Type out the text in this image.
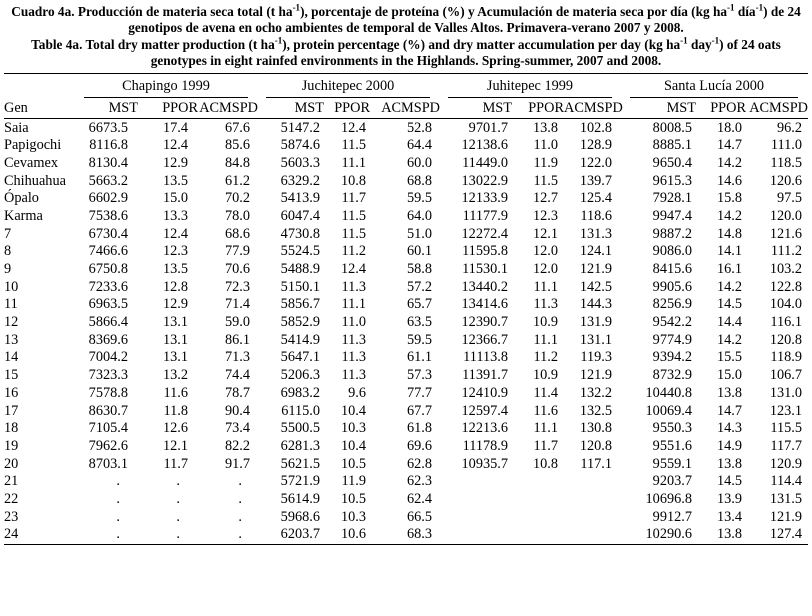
Cuadro 4a. Producción de materia seca total (t $ha^{-1}$), porcentaje de proteína (%) y Acumulación de materia seca por día (kg $ha^{-1}$ día$^{-1}$) de 24 genotipos de avena en ocho ambientes de temporal de Valles Altos. Primavera-verano 2007 y 2008.

Table 4a. Total dry matter production (t $ha^{-1}$), protein percentage (%) and dry matter accumulation per day (kg $ha^{-1}$ day$^{-1}$) of 24 oats genotypes in eight rainfed environments in the Highlands. Spring-summer, 2007 and 2008.

	Chapingo 1999			Juchitepec 2000			Juhitepec 1999			Santa Lucía 2000		

Gen	MST	PPOR	ACMSPD	MST	PPOR	ACMSPD	MST	PPOR	ACMSPD	MST	PPOR	ACMSPD
Saia	6673.5	17.4	67.6	5147.2	12.4	52.8	9701.7	13.8	102.8	8008.5	18.0	96.2
Papigochi	8116.8	12.4	85.6	5874.6	11.5	64.4	12138.6	11.0	128.9	8885.1	14.7	111.0
Cevamex	8130.4	12.9	84.8	5603.3	11.1	60.0	11449.0	11.9	122.0	9650.4	14.2	118.5
Chihuahua	5663.2	13.5	61.2	6329.2	10.8	68.8	13022.9	11.5	139.7	9615.3	14.6	120.6
Ópalo	6602.9	15.0	70.2	5413.9	11.7	59.5	12133.9	12.7	125.4	7928.1	15.8	97.5
Karma	7538.6	13.3	78.0	6047.4	11.5	64.0	11177.9	12.3	118.6	9947.4	14.2	120.0
7	6730.4	12.4	68.6	4730.8	11.5	51.0	12272.4	12.1	131.3	9887.2	14.8	121.6
8	7466.6	12.3	77.9	5524.5	11.2	60.1	11595.8	12.0	124.1	9086.0	14.1	111.2
9	6750.8	13.5	70.6	5488.9	12.4	58.8	11530.1	12.0	121.9	8415.6	16.1	103.2
10	7233.6	12.8	72.3	5150.1	11.3	57.2	13440.2	11.1	142.5	9905.6	14.2	122.8
11	6963.5	12.9	71.4	5856.7	11.1	65.7	13414.6	11.3	144.3	8256.9	14.5	104.0
12	5866.4	13.1	59.0	5852.9	11.0	63.5	12390.7	10.9	131.9	9542.2	14.4	116.1
13	8369.6	13.1	86.1	5414.9	11.3	59.5	12366.7	11.1	131.1	9774.9	14.2	120.8
14	7004.2	13.1	71.3	5647.1	11.3	61.1	11113.8	11.2	119.3	9394.2	15.5	118.9
15	7323.3	13.2	74.4	5206.3	11.3	57.3	11391.7	10.9	121.9	8732.9	15.0	106.7
16	7578.8	11.6	78.7	6983.2	9.6	77.7	12410.9	11.4	132.2	10440.8	13.8	131.0
17	8630.7	11.8	90.4	6115.0	10.4	67.7	12597.4	11.6	132.5	10069.4	14.7	123.1
18	7105.4	12.6	73.4	5500.5	10.3	61.8	12213.6	11.1	130.8	9550.3	14.3	115.5
19	7962.6	12.1	82.2	6281.3	10.4	69.6	11178.9	11.7	120.8	9551.6	14.9	117.7
20	8703.1	11.7	91.7	5621.5	10.5	62.8	10935.7	10.8	117.1	9559.1	13.8	120.9
21	.	.	.	5721.9	11.9	62.3				9203.7	14.5	114.4
22	.	.	.	5614.9	10.5	62.4				10696.8	13.9	131.5
23	.	.	.	5968.6	10.3	66.5				9912.7	13.4	121.9
24	.	.	.	6203.7	10.6	68.3				10290.6	13.8	127.4
